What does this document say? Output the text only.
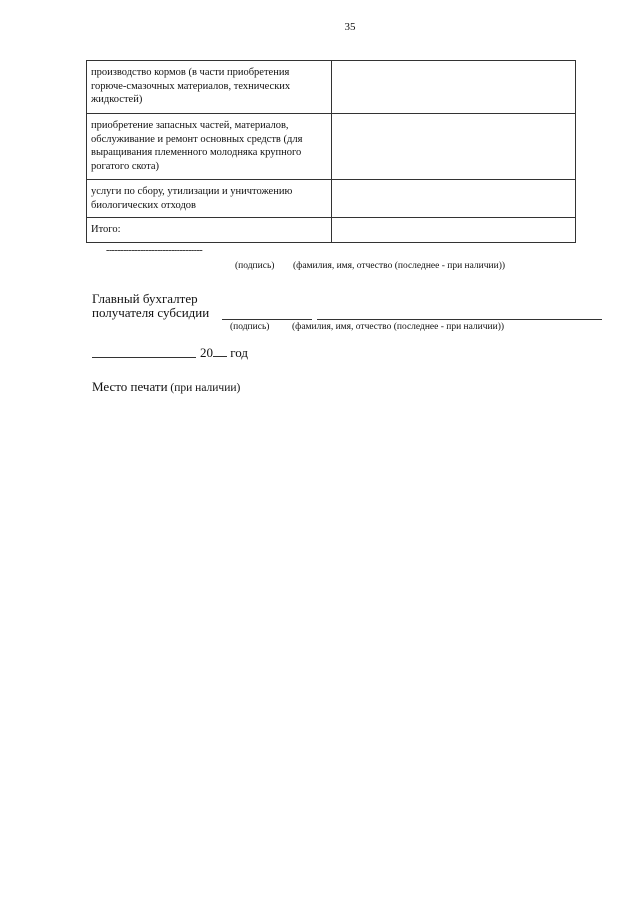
35
производство кормов (в части приобретения горюче-смазочных материалов, технических жидкостей)	
приобретение запасных частей, материалов, обслуживание и ремонт основных средств (для выращивания племенного молодняка крупного рогатого скота)	
услуги по сбору, утилизации и уничтожению биологических отходов	
Итого:	
----------------------------------
(подпись) (фамилия, имя, отчество (последнее - при наличии))
Главный бухгалтер
получателя субсидии
(подпись) (фамилия, имя, отчество (последнее - при наличии))
20 год
Место печати (при наличии)
